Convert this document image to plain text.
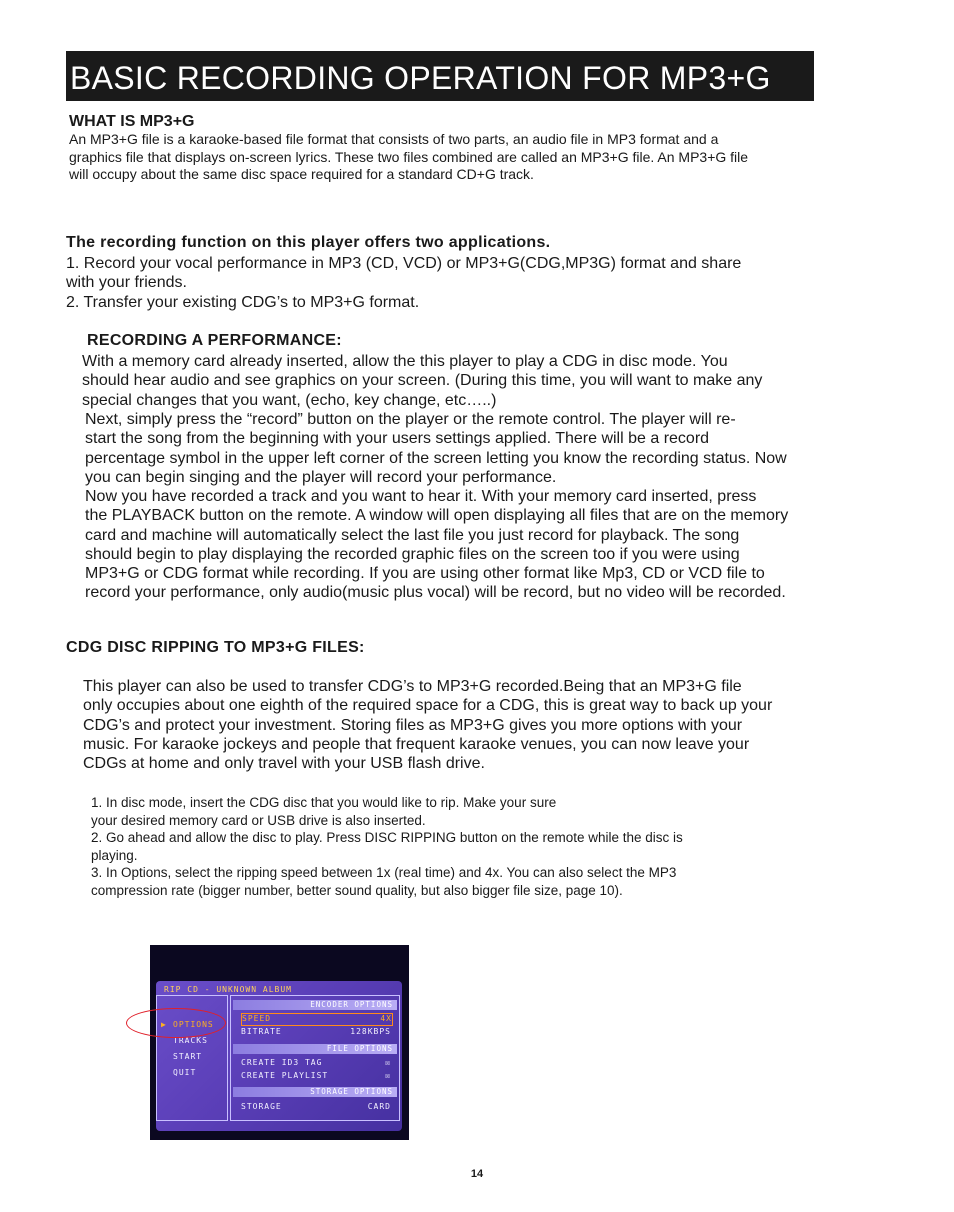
BASIC RECORDING OPERATION FOR MP3+G
WHAT IS MP3+G
An MP3+G file is a karaoke-based file format that consists of two parts, an audio file in MP3 format and a
graphics file that displays on-screen lyrics. These two files combined are called an MP3+G file. An MP3+G file
will occupy about the same disc space required for a standard CD+G track.
The recording function on this player offers two applications.
1. Record your vocal performance in MP3 (CD, VCD) or MP3+G(CDG,MP3G) format and share
with your friends.
2. Transfer your existing CDG’s to MP3+G format.
RECORDING A PERFORMANCE:
With a memory card already inserted, allow the this player to play a CDG in disc mode. You
should hear audio and see graphics on your screen. (During this time, you will want to make any
special changes that you want, (echo, key change, etc…..)
Next, simply press the “record” button on the player or the remote control. The player will re-
start the song from the beginning with your users settings applied. There will be a record
percentage symbol in the upper left corner of the screen letting you know the recording status. Now
you can begin singing and the player will record your performance.
Now you have recorded a track and you want to hear it. With your memory card inserted, press
the PLAYBACK button on the remote. A window will open displaying all files that are on the memory
card and machine will automatically select the last file you just record for playback. The song
should begin to play displaying the recorded graphic files on the screen too if you were using
MP3+G or CDG format while recording. If you are using other format like Mp3, CD or VCD file to
record your performance, only audio(music plus vocal) will be record, but no video will be recorded.
CDG DISC RIPPING TO MP3+G FILES:
This player can also be used to transfer CDG’s to MP3+G recorded.Being that an MP3+G file
only occupies about one eighth of the required space for a CDG, this is great way to back up your
CDG’s and protect your investment. Storing files as MP3+G gives you more options with your
music. For karaoke jockeys and people that frequent karaoke venues, you can now leave your
CDGs at home and only travel with your USB flash drive.
1. In disc mode, insert the CDG disc that you would like to rip. Make your sure
your desired memory card or USB drive is also inserted.
2. Go ahead and allow the disc to play. Press DISC RIPPING button on the remote while the disc is
playing.
3. In Options, select the ripping speed between 1x (real time) and 4x. You can also select the MP3
compression rate (bigger number, better sound quality, but also bigger file size, page 10).

RIP CD - UNKNOWN ALBUM
▶ OPTIONS
TRACKS
START
QUIT
ENCODER OPTIONS
SPEED	4X
BITRATE	128KBPS
FILE OPTIONS
CREATE ID3 TAG	☒
CREATE PLAYLIST	☒
STORAGE OPTIONS
STORAGE	CARD
14
